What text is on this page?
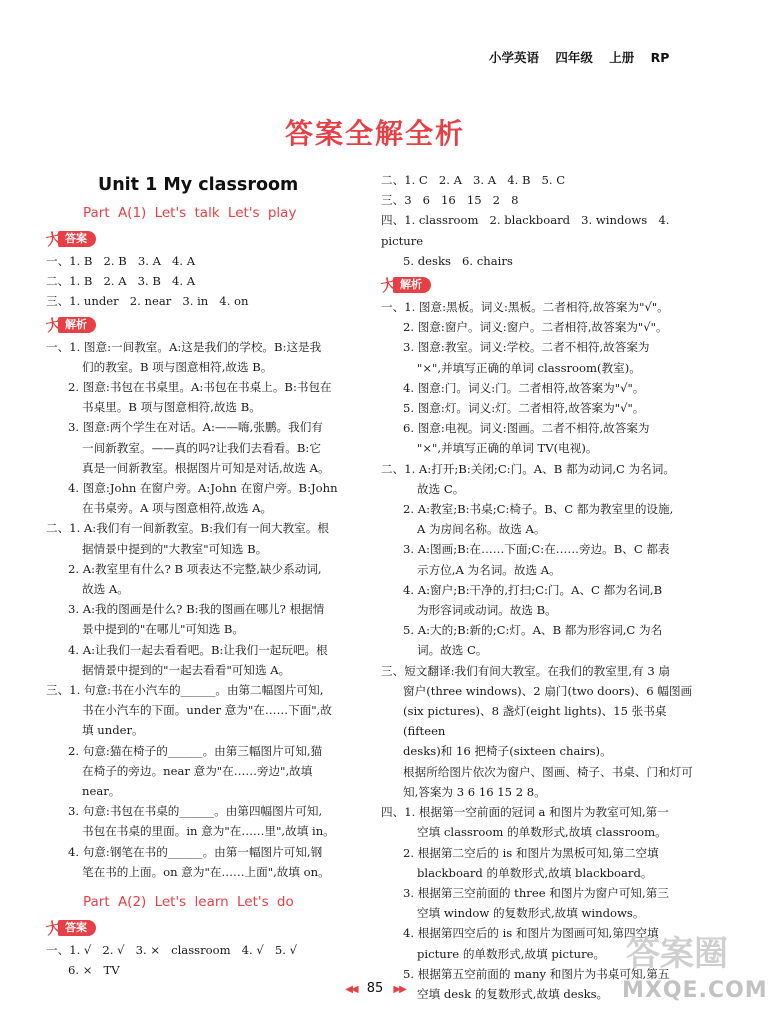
小学英语 四年级 上册 RP
答案全解全析
Unit 1 My classroom
Part A(1) Let's talk Let's play
大 答案

一、1. B   2. B   3. A   4. A

二、1. B   2. A   3. B   4. A

三、1. under   2. near   3. in   4. on

大 解析

一、1. 图意:一间教室。A:这是我们的学校。B:这是我

们的教室。B 项与图意相符,故选 B。

2. 图意:书包在书桌里。A:书包在书桌上。B:书包在

书桌里。B 项与图意相符,故选 B。

3. 图意:两个学生在对话。A:——嗨,张鹏。我们有

一间新教室。——真的吗?让我们去看看。B:它

真是一间新教室。根据图片可知是对话,故选 A。

4. 图意:John 在窗户旁。A:John 在窗户旁。B:John

在书桌旁。A 项与图意相符,故选 A。

二、1. A:我们有一间新教室。B:我们有一间大教室。根

据情景中提到的"大教室"可知选 B。

2. A:教室里有什么? B 项表达不完整,缺少系动词,

故选 A。

3. A:我的图画是什么? B:我的图画在哪儿? 根据情

景中提到的"在哪儿"可知选 B。

4. A:让我们一起去看看吧。B:让我们一起玩吧。根

据情景中提到的"一起去看看"可知选 A。

三、1. 句意:书在小汽车的______。由第二幅图片可知,

书在小汽车的下面。under 意为"在……下面",故

填 under。

2. 句意:猫在椅子的______。由第三幅图片可知,猫

在椅子的旁边。near 意为"在……旁边",故填

near。

3. 句意:书包在书桌的______。由第四幅图片可知,

书包在书桌的里面。in 意为"在……里",故填 in。

4. 句意:钢笔在书的______。由第一幅图片可知,钢

笔在书的上面。on 意为"在……上面",故填 on。

Part A(2) Let's learn Let's do
大 答案

一、1. √   2. √   3. ×   classroom   4. √   5. √

6. ×   TV

二、1. C   2. A   3. A   4. B   5. C

三、3   6   16   15   2   8

四、1. classroom   2. blackboard   3. windows   4. picture

5. desks   6. chairs

大 解析

一、1. 图意:黑板。词义:黑板。二者相符,故答案为"√"。

2. 图意:窗户。词义:窗户。二者相符,故答案为"√"。

3. 图意:教室。词义:学校。二者不相符,故答案为

"×",并填写正确的单词 classroom(教室)。

4. 图意:门。词义:门。二者相符,故答案为"√"。

5. 图意:灯。词义:灯。二者相符,故答案为"√"。

6. 图意:电视。词义:图画。二者不相符,故答案为

"×",并填写正确的单词 TV(电视)。

二、1. A:打开;B:关闭;C:门。A、B 都为动词,C 为名词。

故选 C。

2. A:教室;B:书桌;C:椅子。B、C 都为教室里的设施,

A 为房间名称。故选 A。

3. A:图画;B:在……下面;C:在……旁边。B、C 都表

示方位,A 为名词。故选 A。

4. A:窗户;B:干净的,打扫;C:门。A、C 都为名词,B

为形容词或动词。故选 B。

5. A:大的;B:新的;C:灯。A、B 都为形容词,C 为名

词。故选 C。

三、短文翻译:我们有间大教室。在我们的教室里,有 3 扇

窗户(three windows)、2 扇门(two doors)、6 幅图画

(six pictures)、8 盏灯(eight lights)、15 张书桌(fifteen

desks)和 16 把椅子(sixteen chairs)。

根据所给图片依次为窗户、图画、椅子、书桌、门和灯可

知,答案为 3 6 16 15 2 8。

四、1. 根据第一空前面的冠词 a 和图片为教室可知,第一

空填 classroom 的单数形式,故填 classroom。

2. 根据第二空后的 is 和图片为黑板可知,第二空填

blackboard 的单数形式,故填 blackboard。

3. 根据第三空前面的 three 和图片为窗户可知,第三

空填 window 的复数形式,故填 windows。

4. 根据第四空后的 is 和图片为图画可知,第四空填

picture 的单数形式,故填 picture。

5. 根据第五空前面的 many 和图片为书桌可知,第五

空填 desk 的复数形式,故填 desks。

◀◀ 85 ▶▶
答案圈
MXQE.COM
